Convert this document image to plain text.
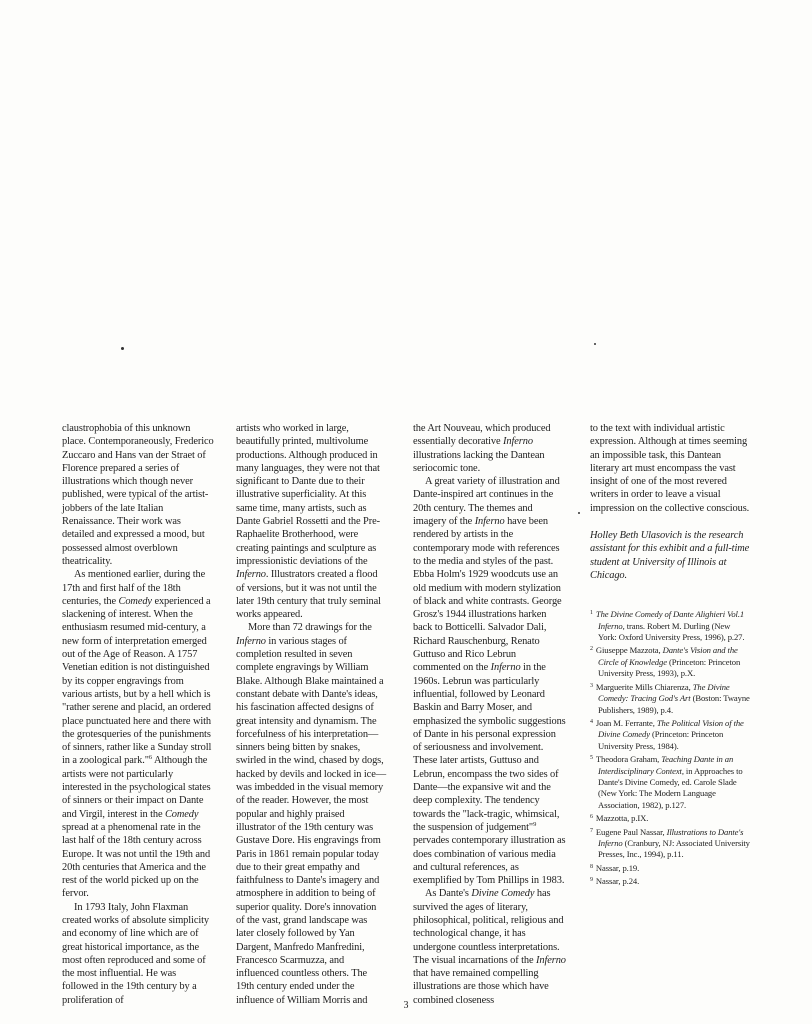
claustrophobia of this unknown place. Contemporaneously, Frederico Zuccaro and Hans van der Straet of Florence prepared a series of illustrations which though never published, were typical of the artist-jobbers of the late Italian Renaissance. Their work was detailed and expressed a mood, but possessed almost overblown theatricality.

As mentioned earlier, during the 17th and first half of the 18th centuries, the Comedy experienced a slackening of interest. When the enthusiasm resumed mid-century, a new form of interpretation emerged out of the Age of Reason. A 1757 Venetian edition is not distinguished by its copper engravings from various artists, but by a hell which is "rather serene and placid, an ordered place punctuated here and there with the grotesqueries of the punishments of sinners, rather like a Sunday stroll in a zoological park."$^6$ Although the artists were not particularly interested in the psychological states of sinners or their impact on Dante and Virgil, interest in the Comedy spread at a phenomenal rate in the last half of the 18th century across Europe. It was not until the 19th and 20th centuries that America and the rest of the world picked up on the fervor.

In 1793 Italy, John Flaxman created works of absolute simplicity and economy of line which are of great historical importance, as the most often reproduced and some of the most influential. He was followed in the 19th century by a proliferation of

artists who worked in large, beautifully printed, multivolume productions. Although produced in many languages, they were not that significant to Dante due to their illustrative superficiality. At this same time, many artists, such as Dante Gabriel Rossetti and the Pre-Raphaelite Brotherhood, were creating paintings and sculpture as impressionistic deviations of the Inferno. Illustrators created a flood of versions, but it was not until the later 19th century that truly seminal works appeared.

More than 72 drawings for the Inferno in various stages of completion resulted in seven complete engravings by William Blake. Although Blake maintained a constant debate with Dante's ideas, his fascination affected designs of great intensity and dynamism. The forcefulness of his interpretation—sinners being bitten by snakes, swirled in the wind, chased by dogs, hacked by devils and locked in ice—was imbedded in the visual memory of the reader. However, the most popular and highly praised illustrator of the 19th century was Gustave Dore. His engravings from Paris in 1861 remain popular today due to their great empathy and faithfulness to Dante's imagery and atmosphere in addition to being of superior quality. Dore's innovation of the vast, grand landscape was later closely followed by Yan Dargent, Manfredo Manfredini, Francesco Scarmuzza, and influenced countless others. The 19th century ended under the influence of William Morris and

the Art Nouveau, which produced essentially decorative Inferno illustrations lacking the Dantean seriocomic tone.

A great variety of illustration and Dante-inspired art continues in the 20th century. The themes and imagery of the Inferno have been rendered by artists in the contemporary mode with references to the media and styles of the past. Ebba Holm's 1929 woodcuts use an old medium with modern stylization of black and white contrasts. George Grosz's 1944 illustrations harken back to Botticelli. Salvador Dali, Richard Rauschenburg, Renato Guttuso and Rico Lebrun commented on the Inferno in the 1960s. Lebrun was particularly influential, followed by Leonard Baskin and Barry Moser, and emphasized the symbolic suggestions of Dante in his personal expression of seriousness and involvement. These later artists, Guttuso and Lebrun, encompass the two sides of Dante—the expansive wit and the deep complexity. The tendency towards the "lack-tragic, whimsical, the suspension of judgement"$^9$ pervades contemporary illustration as does combination of various media and cultural references, as exemplified by Tom Phillips in 1983.

As Dante's Divine Comedy has survived the ages of literary, philosophical, political, religious and technological change, it has undergone countless interpretations. The visual incarnations of the Inferno that have remained compelling illustrations are those which have combined closeness

to the text with individual artistic expression. Although at times seeming an impossible task, this Dantean literary art must encompass the vast insight of one of the most revered writers in order to leave a visual impression on the collective conscious.

Holley Beth Ulasovich is the research assistant for this exhibit and a full-time student at University of Illinois at Chicago.

$^1$ The Divine Comedy of Dante Alighieri Vol.1 Inferno, trans. Robert M. Durling (New York: Oxford University Press, 1996), p.27.

$^2$ Giuseppe Mazzota, Dante's Vision and the Circle of Knowledge (Princeton: Princeton University Press, 1993), p.X.

$^3$ Marguerite Mills Chiarenza, The Divine Comedy: Tracing God's Art (Boston: Twayne Publishers, 1989), p.4.

$^4$ Joan M. Ferrante, The Political Vision of the Divine Comedy (Princeton: Princeton University Press, 1984).

$^5$ Theodora Graham, Teaching Dante in an Interdisciplinary Context, in Approaches to Dante's Divine Comedy, ed. Carole Slade (New York: The Modern Language Association, 1982), p.127.

$^6$ Mazzotta, p.IX.

$^7$ Eugene Paul Nassar, Illustrations to Dante's Inferno (Cranbury, NJ: Associated University Presses, Inc., 1994), p.11.

$^8$ Nassar, p.19.

$^9$ Nassar, p.24.

3
